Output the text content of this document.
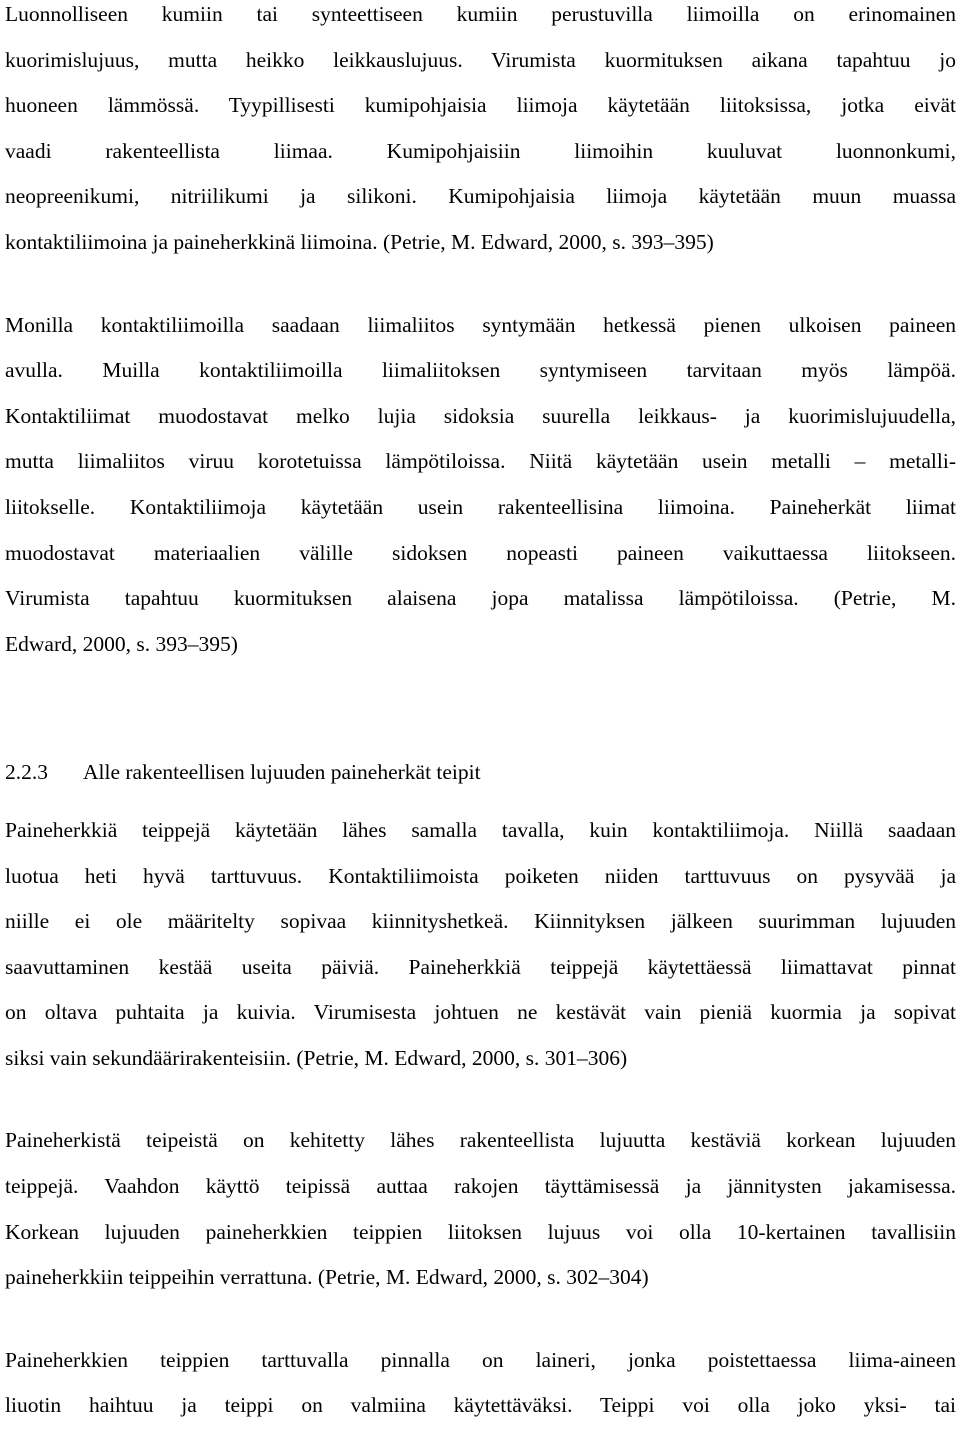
Luonnolliseen kumiin tai synteettiseen kumiin perustuvilla liimoilla on erinomainen
kuorimislujuus, mutta heikko leikkauslujuus. Virumista kuormituksen aikana tapahtuu jo
huoneen lämmössä. Tyypillisesti kumipohjaisia liimoja käytetään liitoksissa, jotka eivät
vaadi rakenteellista liimaa. Kumipohjaisiin liimoihin kuuluvat luonnonkumi,
neopreenikumi, nitriilikumi ja silikoni. Kumipohjaisia liimoja käytetään muun muassa
kontaktiliimoina ja paineherkkinä liimoina. (Petrie, M. Edward, 2000, s. 393–395)
Monilla kontaktiliimoilla saadaan liimaliitos syntymään hetkessä pienen ulkoisen paineen
avulla. Muilla kontaktiliimoilla liimaliitoksen syntymiseen tarvitaan myös lämpöä.
Kontaktiliimat muodostavat melko lujia sidoksia suurella leikkaus- ja kuorimislujuudella,
mutta liimaliitos viruu korotetuissa lämpötiloissa. Niitä käytetään usein metalli – metalli-
liitokselle. Kontaktiliimoja käytetään usein rakenteellisina liimoina. Paineherkät liimat
muodostavat materiaalien välille sidoksen nopeasti paineen vaikuttaessa liitokseen.
Virumista tapahtuu kuormituksen alaisena jopa matalissa lämpötiloissa. (Petrie, M.
Edward, 2000, s. 393–395)
2.2.3	Alle rakenteellisen lujuuden paineherkät teipit
Paineherkkiä teippejä käytetään lähes samalla tavalla, kuin kontaktiliimoja. Niillä saadaan
luotua heti hyvä tarttuvuus. Kontaktiliimoista poiketen niiden tarttuvuus on pysyvää ja
niille ei ole määritelty sopivaa kiinnityshetkeä. Kiinnityksen jälkeen suurimman lujuuden
saavuttaminen kestää useita päiviä. Paineherkkiä teippejä käytettäessä liimattavat pinnat
on oltava puhtaita ja kuivia. Virumisesta johtuen ne kestävät vain pieniä kuormia ja sopivat
siksi vain sekundäärirakenteisiin. (Petrie, M. Edward, 2000, s. 301–306)
Paineherkistä teipeistä on kehitetty lähes rakenteellista lujuutta kestäviä korkean lujuuden
teippejä. Vaahdon käyttö teipissä auttaa rakojen täyttämisessä ja jännitysten jakamisessa.
Korkean lujuuden paineherkkien teippien liitoksen lujuus voi olla 10-kertainen tavallisiin
paineherkkiin teippeihin verrattuna. (Petrie, M. Edward, 2000, s. 302–304)
Paineherkkien teippien tarttuvalla pinnalla on laineri, jonka poistettaessa liima-aineen
liuotin haihtuu ja teippi on valmiina käytettäväksi. Teippi voi olla joko yksi- tai
